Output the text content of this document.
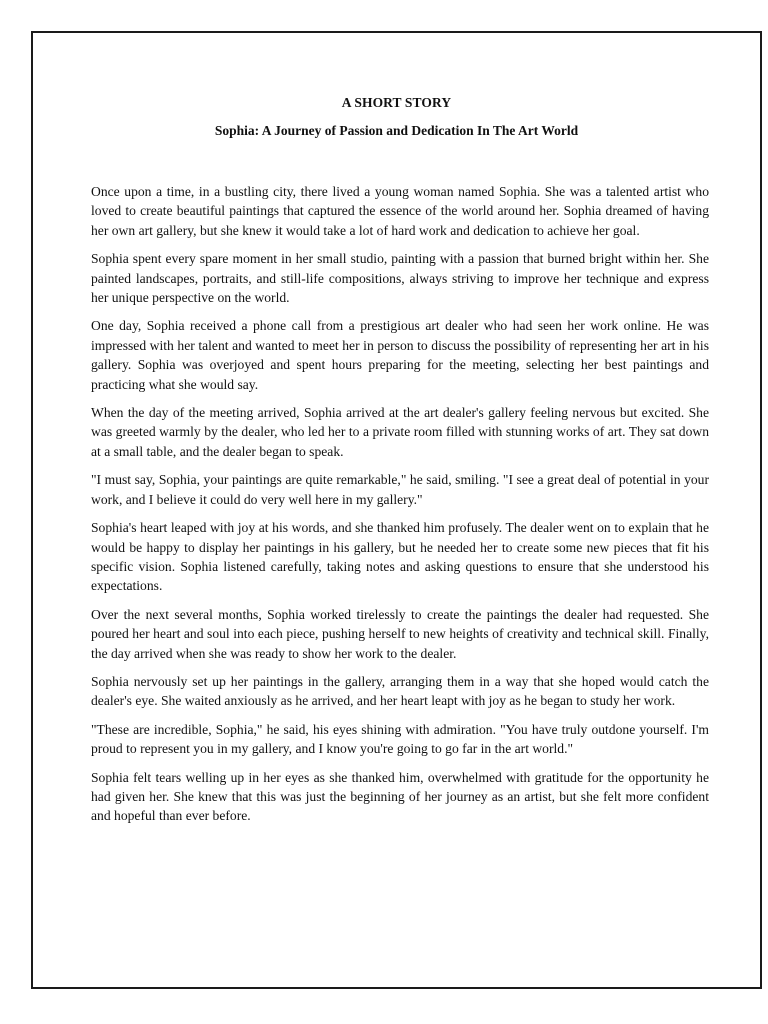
A SHORT STORY
Sophia: A Journey of Passion and Dedication In The Art World

Once upon a time, in a bustling city, there lived a young woman named Sophia. She was a talented artist who loved to create beautiful paintings that captured the essence of the world around her. Sophia dreamed of having her own art gallery, but she knew it would take a lot of hard work and dedication to achieve her goal.

Sophia spent every spare moment in her small studio, painting with a passion that burned bright within her. She painted landscapes, portraits, and still-life compositions, always striving to improve her technique and express her unique perspective on the world.

One day, Sophia received a phone call from a prestigious art dealer who had seen her work online. He was impressed with her talent and wanted to meet her in person to discuss the possibility of representing her art in his gallery. Sophia was overjoyed and spent hours preparing for the meeting, selecting her best paintings and practicing what she would say.

When the day of the meeting arrived, Sophia arrived at the art dealer's gallery feeling nervous but excited. She was greeted warmly by the dealer, who led her to a private room filled with stunning works of art. They sat down at a small table, and the dealer began to speak.

"I must say, Sophia, your paintings are quite remarkable," he said, smiling. "I see a great deal of potential in your work, and I believe it could do very well here in my gallery."

Sophia's heart leaped with joy at his words, and she thanked him profusely. The dealer went on to explain that he would be happy to display her paintings in his gallery, but he needed her to create some new pieces that fit his specific vision. Sophia listened carefully, taking notes and asking questions to ensure that she understood his expectations.

Over the next several months, Sophia worked tirelessly to create the paintings the dealer had requested. She poured her heart and soul into each piece, pushing herself to new heights of creativity and technical skill. Finally, the day arrived when she was ready to show her work to the dealer.

Sophia nervously set up her paintings in the gallery, arranging them in a way that she hoped would catch the dealer's eye. She waited anxiously as he arrived, and her heart leapt with joy as he began to study her work.

"These are incredible, Sophia," he said, his eyes shining with admiration. "You have truly outdone yourself. I'm proud to represent you in my gallery, and I know you're going to go far in the art world."

Sophia felt tears welling up in her eyes as she thanked him, overwhelmed with gratitude for the opportunity he had given her. She knew that this was just the beginning of her journey as an artist, but she felt more confident and hopeful than ever before.
